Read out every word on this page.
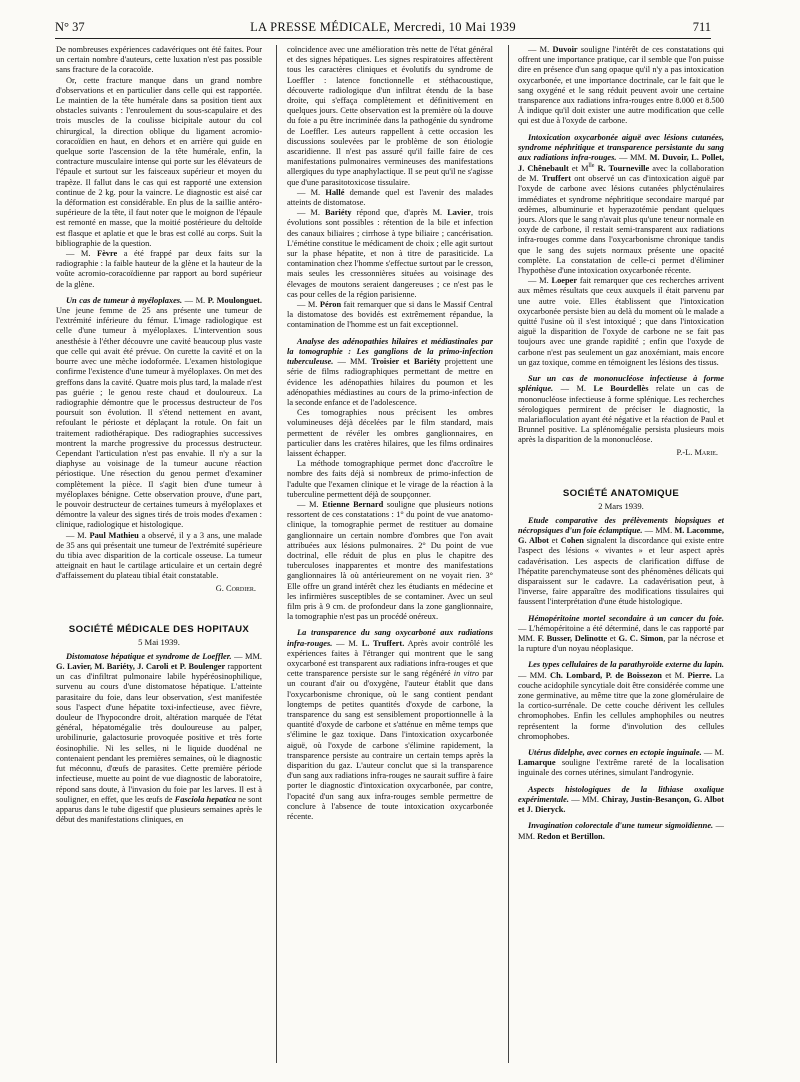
N° 37	LA PRESSE MÉDICALE, Mercredi, 10 Mai 1939	711

De nombreuses expériences cadavériques ont été faites. Pour un certain nombre d'auteurs, cette luxation n'est pas possible sans fracture de la coracoïde.

Or, cette fracture manque dans un grand nombre d'observations et en particulier dans celle qui est rapportée. Le maintien de la tête humérale dans sa position tient aux obstacles suivants : l'enroulement du sous-scapulaire et des trois muscles de la coulisse bicipitale autour du col chirurgical, la direction oblique du ligament acromio-coracoïdien en haut, en dehors et en arrière qui guide en quelque sorte l'ascension de la tête humérale, enfin, la contracture musculaire intense qui porte sur les élévateurs de l'épaule et surtout sur les faisceaux supérieur et moyen du trapèze. Il fallut dans le cas qui est rapporté une extension continue de 2 kg. pour la vaincre. Le diagnostic est aisé car la déformation est considérable. En plus de la saillie antéro-supérieure de la tête, il faut noter que le moignon de l'épaule est remonté en masse, que la moitié postérieure du deltoïde est flasque et aplatie et que le bras est collé au corps. Suit la bibliographie de la question.

— M. Fèvre a été frappé par deux faits sur la radiographie : la faible hauteur de la glène et la hauteur de la voûte acromio-coracoïdienne par rapport au bord supérieur de la glène.

Un cas de tumeur à myéloplaxes. — M. P. Moulonguet. Une jeune femme de 25 ans présente une tumeur de l'extrémité inférieure du fémur. L'image radiologique est celle d'une tumeur à myéloplaxes. L'intervention sous anesthésie à l'éther découvre une cavité beaucoup plus vaste que celle qui avait été prévue. On curette la cavité et on la bourre avec une mèche iodoformée. L'examen histologique confirme l'existence d'une tumeur à myéloplaxes. On met des greffons dans la cavité. Quatre mois plus tard, la malade n'est pas guérie ; le genou reste chaud et douloureux. La radiographie démontre que le processus destructeur de l'os poursuit son évolution. Il s'étend nettement en avant, refoulant le périoste et déplaçant la rotule. On fait un traitement radiothérapique. Des radiographies successives montrent la marche progressive du processus destructeur. Cependant l'articulation n'est pas envahie. Il n'y a sur la diaphyse au voisinage de la tumeur aucune réaction périostique. Une résection du genou permet d'examiner complètement la pièce. Il s'agit bien d'une tumeur à myéloplaxes bénigne. Cette observation prouve, d'une part, le pouvoir destructeur de certaines tumeurs à myéloplaxes et démontre la valeur des signes tirés de trois modes d'examen : clinique, radiologique et histologique.

— M. Paul Mathieu a observé, il y a 3 ans, une malade de 35 ans qui présentait une tumeur de l'extrémité supérieure du tibia avec disparition de la corticale osseuse. La tumeur atteignait en haut le cartilage articulaire et un certain degré d'affaissement du plateau tibial était constatable.

G. Cordier.

SOCIÉTÉ MÉDICALE DES HOPITAUX
5 Mai 1939.

Distomatose hépatique et syndrome de Loeffler. — MM. G. Lavier, M. Bariéty, J. Caroli et P. Boulenger rapportent un cas d'infiltrat pulmonaire labile hypéréosinophilique, survenu au cours d'une distomatose hépatique. L'atteinte parasitaire du foie, dans leur observation, s'est manifestée sous l'aspect d'une hépatite toxi-infectieuse, avec fièvre, douleur de l'hypocondre droit, altération marquée de l'état général, hépatomégalie très douloureuse au palper, urobilinurie, galactosurie provoquée positive et très forte éosinophilie. Ni les selles, ni le liquide duodénal ne contenaient pendant les premières semaines, où le diagnostic fut méconnu, d'œufs de parasites. Cette première période infectieuse, muette au point de vue diagnostic de laboratoire, répond sans doute, à l'invasion du foie par les larves. Il est à souligner, en effet, que les œufs de Fasciola hepatica ne sont apparus dans le tube digestif que plusieurs semaines après le début des manifestations cliniques, en

coïncidence avec une amélioration très nette de l'état général et des signes hépatiques. Les signes respiratoires affectèrent tous les caractères cliniques et évolutifs du syndrome de Loeffler : latence fonctionnelle et stéthacoustique, découverte radiologique d'un infiltrat étendu de la base droite, qui s'effaça complètement et définitivement en quelques jours. Cette observation est la première où la douve du foie a pu être incriminée dans la pathogénie du syndrome de Loeffler. Les auteurs rappellent à cette occasion les discussions soulevées par le problème de son étiologie ascaridienne. Il n'est pas assuré qu'il faille faire de ces manifestations pulmonaires vermineuses des manifestations allergiques du type anaphylactique. Il se peut qu'il ne s'agisse que d'une parasitotoxicose tissulaire.

— M. Hallé demande quel est l'avenir des malades atteints de distomatose.

— M. Bariéty répond que, d'après M. Lavier, trois évolutions sont possibles : rétention de la bile et infection des canaux biliaires ; cirrhose à type biliaire ; cancérisation. L'émétine constitue le médicament de choix ; elle agit surtout sur la phase hépatite, et non à titre de parasiticide. La contamination chez l'homme s'effectue surtout par le cresson, mais seules les cressonnières situées au voisinage des élevages de moutons seraient dangereuses ; ce n'est pas le cas pour celles de la région parisienne.

— M. Péron fait remarquer que si dans le Massif Central la distomatose des bovidés est extrêmement répandue, la contamination de l'homme est un fait exceptionnel.

Analyse des adénopathies hilaires et médiastinales par la tomographie : Les ganglions de la primo-infection tuberculeuse. — MM. Troisier et Bariéty projettent une série de films radiographiques permettant de mettre en évidence les adénopathies hilaires du poumon et les adénopathies médiastines au cours de la primo-infection de la seconde enfance et de l'adolescence.

Ces tomographies nous précisent les ombres volumineuses déjà décelées par le film standard, mais permettent de révéler les ombres ganglionnaires, en particulier dans les cratères hilaires, que les films ordinaires laissent échapper.

La méthode tomographique permet donc d'accroître le nombre des faits déjà si nombreux de primo-infection de l'adulte que l'examen clinique et le virage de la réaction à la tuberculine permettent déjà de soupçonner.

— M. Etienne Bernard souligne que plusieurs notions ressortent de ces constatations : 1° du point de vue anatomo-clinique, la tomographie permet de restituer au domaine ganglionnaire un certain nombre d'ombres que l'on avait attribuées aux lésions pulmonaires. 2° Du point de vue doctrinal, elle réduit de plus en plus le chapitre des tuberculoses inapparentes et montre des manifestations ganglionnaires là où antérieurement on ne voyait rien. 3° Elle offre un grand intérêt chez les étudiants en médecine et les infirmières susceptibles de se contaminer. Avec un seul film pris à 9 cm. de profondeur dans la zone ganglionnaire, la tomographie n'est pas un procédé onéreux.

La transparence du sang oxycarboné aux radiations infra-rouges. — M. L. Truffert. Après avoir contrôlé les expériences faites à l'étranger qui montrent que le sang oxycarboné est transparent aux radiations infra-rouges et que cette transparence persiste sur le sang régénéré in vitro par un courant d'air ou d'oxygène, l'auteur établit que dans l'oxycarbonisme chronique, où le sang contient pendant longtemps de petites quantités d'oxyde de carbone, la transparence du sang est sensiblement proportionnelle à la quantité d'oxyde de carbone et s'atténue en même temps que s'élimine le gaz toxique. Dans l'intoxication oxycarbonée aiguë, où l'oxyde de carbone s'élimine rapidement, la transparence persiste au contraire un certain temps après la disparition du gaz. L'auteur conclut que si la transparence d'un sang aux radiations infra-rouges ne saurait suffire à faire porter le diagnostic d'intoxication oxycarbonée, par contre, l'opacité d'un sang aux infra-rouges semble permettre de conclure à l'absence de toute intoxication oxycarbonée récente.

— M. Duvoir souligne l'intérêt de ces constatations qui offrent une importance pratique, car il semble que l'on puisse dire en présence d'un sang opaque qu'il n'y a pas intoxication oxycarbonée, et une importance doctrinale, car le fait que le sang oxygéné et le sang réduit peuvent avoir une certaine transparence aux radiations infra-rouges entre 8.000 et 8.500 Å indique qu'il doit exister une autre modification que celle qui est due à l'oxyde de carbone.

Intoxication oxycarbonée aiguë avec lésions cutanées, syndrome néphritique et transparence persistante du sang aux radiations infra-rouges. — MM. M. Duvoir, L. Pollet, J. Chênebault et $M^{lle}$ R. Tourneville avec la collaboration de M. Truffert ont observé un cas d'intoxication aiguë par l'oxyde de carbone avec lésions cutanées phlycténulaires immédiates et syndrome néphritique secondaire marqué par œdèmes, albuminurie et hyperazotémie pendant quelques jours. Alors que le sang n'avait plus qu'une teneur normale en oxyde de carbone, il restait semi-transparent aux radiations infra-rouges comme dans l'oxycarbonisme chronique tandis que le sang des sujets normaux présente une opacité complète. La constatation de celle-ci permet d'éliminer l'hypothèse d'une intoxication oxycarbonée récente.

— M. Loeper fait remarquer que ces recherches arrivent aux mêmes résultats que ceux auxquels il était parvenu par une autre voie. Elles établissent que l'intoxication oxycarbonée persiste bien au delà du moment où le malade a quitté l'usine où il s'est intoxiqué ; que dans l'intoxication aiguë la disparition de l'oxyde de carbone ne se fait pas toujours avec une grande rapidité ; enfin que l'oxyde de carbone n'est pas seulement un gaz anoxémiant, mais encore un gaz toxique, comme en témoignent les lésions des tissus.

Sur un cas de mononucléose infectieuse à forme splénique. — M. Le Bourdellès relate un cas de mononucléose infectieuse à forme splénique. Les recherches sérologiques permirent de préciser le diagnostic, la malariafloculation ayant été négative et la réaction de Paul et Brunnel positive. La splénomégalie persista plusieurs mois après la disparition de la mononucléose.

P.-L. Marie.

SOCIÉTÉ ANATOMIQUE
2 Mars 1939.

Etude comparative des prélèvements biopsiques et nécropsiques d'un foie éclamptique. — MM. M. Lacomme, G. Albot et Cohen signalent la discordance qui existe entre l'aspect des lésions « vivantes » et leur aspect après cadavérisation. Les aspects de clarification diffuse de l'hépatite parenchymateuse sont des phénomènes délicats qui disparaissent sur le cadavre. La cadavérisation peut, à l'inverse, faire apparaître des modifications tissulaires qui faussent l'interprétation d'une étude histologique.

Hémopéritoine mortel secondaire à un cancer du foie. — L'hémopéritoine a été déterminé, dans le cas rapporté par MM. F. Busser, Delinotte et G. C. Simon, par la nécrose et la rupture d'un noyau néoplasique.

Les types cellulaires de la parathyroïde externe du lapin. — MM. Ch. Lombard, P. de Boissezon et M. Pierre. La couche acidophile syncytiale doit être considérée comme une zone germinative, au même titre que la zone glomérulaire de la cortico-surrénale. De cette couche dérivent les cellules chromophobes. Enfin les cellules amphophiles ou neutres représentent la forme d'involution des cellules chromophobes.

Utérus didelphe, avec cornes en ectopie inguinale. — M. Lamarque souligne l'extrême rareté de la localisation inguinale des cornes utérines, simulant l'androgynie.

Aspects histologiques de la lithiase oxalique expérimentale. — MM. Chiray, Justin-Besançon, G. Albot et J. Dieryck.

Invagination colorectale d'une tumeur sigmoïdienne. — MM. Redon et Bertillon.
